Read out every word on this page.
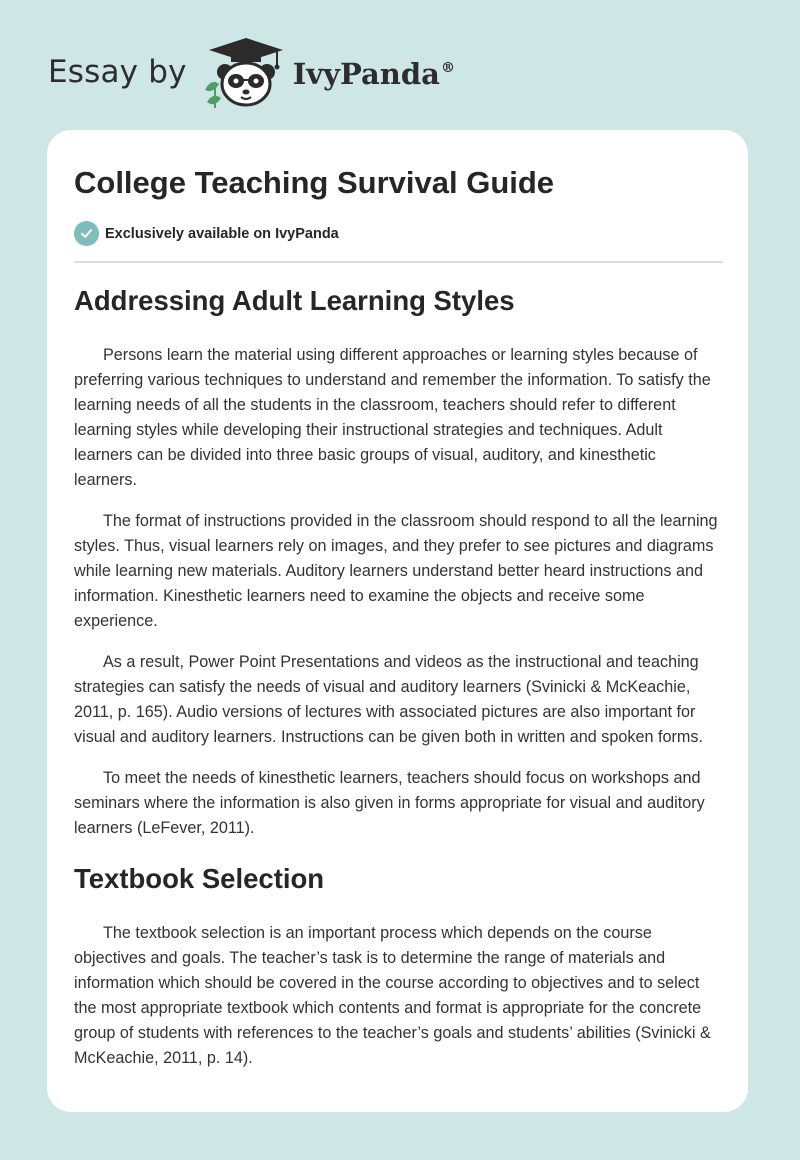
Essay by	IvyPanda®
College Teaching Survival Guide
Exclusively available on IvyPanda
Addressing Adult Learning Styles

Persons learn the material using different approaches or learning styles because of preferring various techniques to understand and remember the information. To satisfy the learning needs of all the students in the classroom, teachers should refer to different learning styles while developing their instructional strategies and techniques. Adult learners can be divided into three basic groups of visual, auditory, and kinesthetic learners.

The format of instructions provided in the classroom should respond to all the learning styles. Thus, visual learners rely on images, and they prefer to see pictures and diagrams while learning new materials. Auditory learners understand better heard instructions and information. Kinesthetic learners need to examine the objects and receive some experience.

As a result, Power Point Presentations and videos as the instructional and teaching strategies can satisfy the needs of visual and auditory learners (Svinicki & McKeachie, 2011, p. 165). Audio versions of lectures with associated pictures are also important for visual and auditory learners. Instructions can be given both in written and spoken forms.

To meet the needs of kinesthetic learners, teachers should focus on workshops and seminars where the information is also given in forms appropriate for visual and auditory learners (LeFever, 2011).

Textbook Selection

The textbook selection is an important process which depends on the course objectives and goals. The teacher’s task is to determine the range of materials and information which should be covered in the course according to objectives and to select the most appropriate textbook which contents and format is appropriate for the concrete group of students with references to the teacher’s goals and students’ abilities (Svinicki & McKeachie, 2011, p. 14).
